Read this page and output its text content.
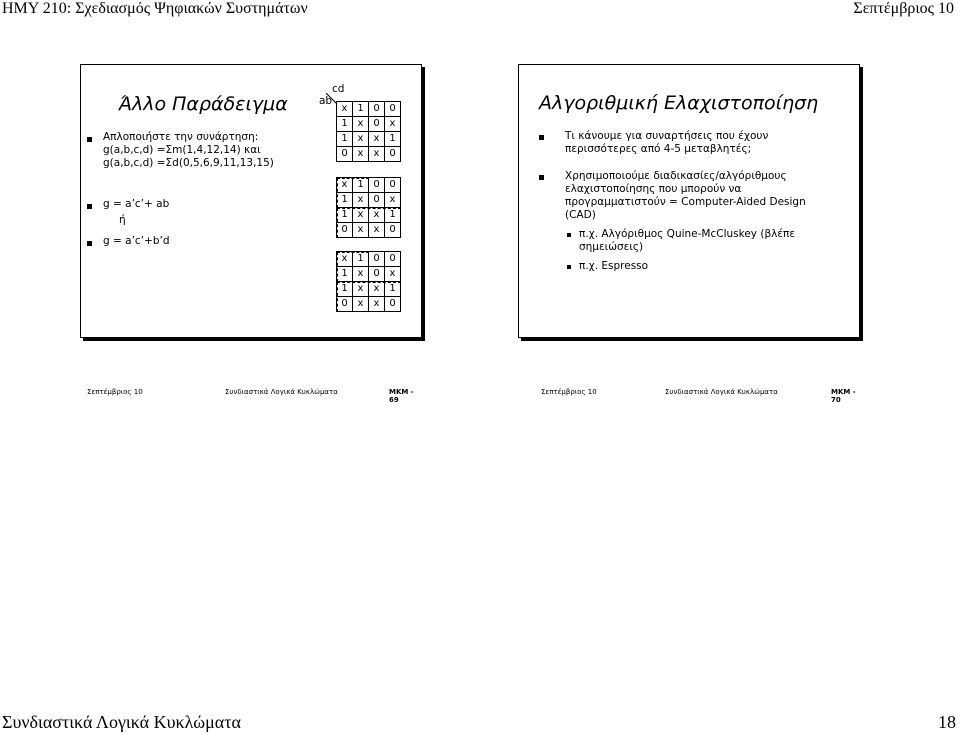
HMY 210: Σχεδιασμός Ψηφιακών Συστημάτων	Σεπτέμβριος 10
Άλλο Παράδειγμα
Απλοποιήστε την συνάρτηση:
g(a,b,c,d) =Σm(1,4,12,14) και
g(a,b,c,d) =Σd(0,5,6,9,11,13,15)
g = a’c’+ ab
ή
g = a’c’+b’d
ab
cd
x	1	0	0
1	x	0	x
1	x	x	1
0	x	x	0
x	1	0	0
1	x	0	x
1	x	x	1
0	x	x	0
x	1	0	0
1	x	0	x
1	x	x	1
0	x	x	0
Σεπτέμβριος 10	Συνδιαστικά Λογικά Κυκλώματα	MKM - 69
Αλγοριθμική Ελαχιστοποίηση
Τι κάνουμε για συναρτήσεις που έχουν
περισσότερες από 4-5 μεταβλητές;
Χρησιμοποιούμε διαδικασίες/αλγόριθμους
ελαχιστοποίησης που μπορούν να
προγραμματιστούν = Computer-Aided Design
(CAD)
π.χ. Αλγόριθμος Quine-McCluskey (βλέπε
σημειώσεις)
π.χ. Espresso
Σεπτέμβριος 10	Συνδιαστικά Λογικά Κυκλώματα	MKM - 70
Συνδιαστικά Λογικά Κυκλώματα	18
